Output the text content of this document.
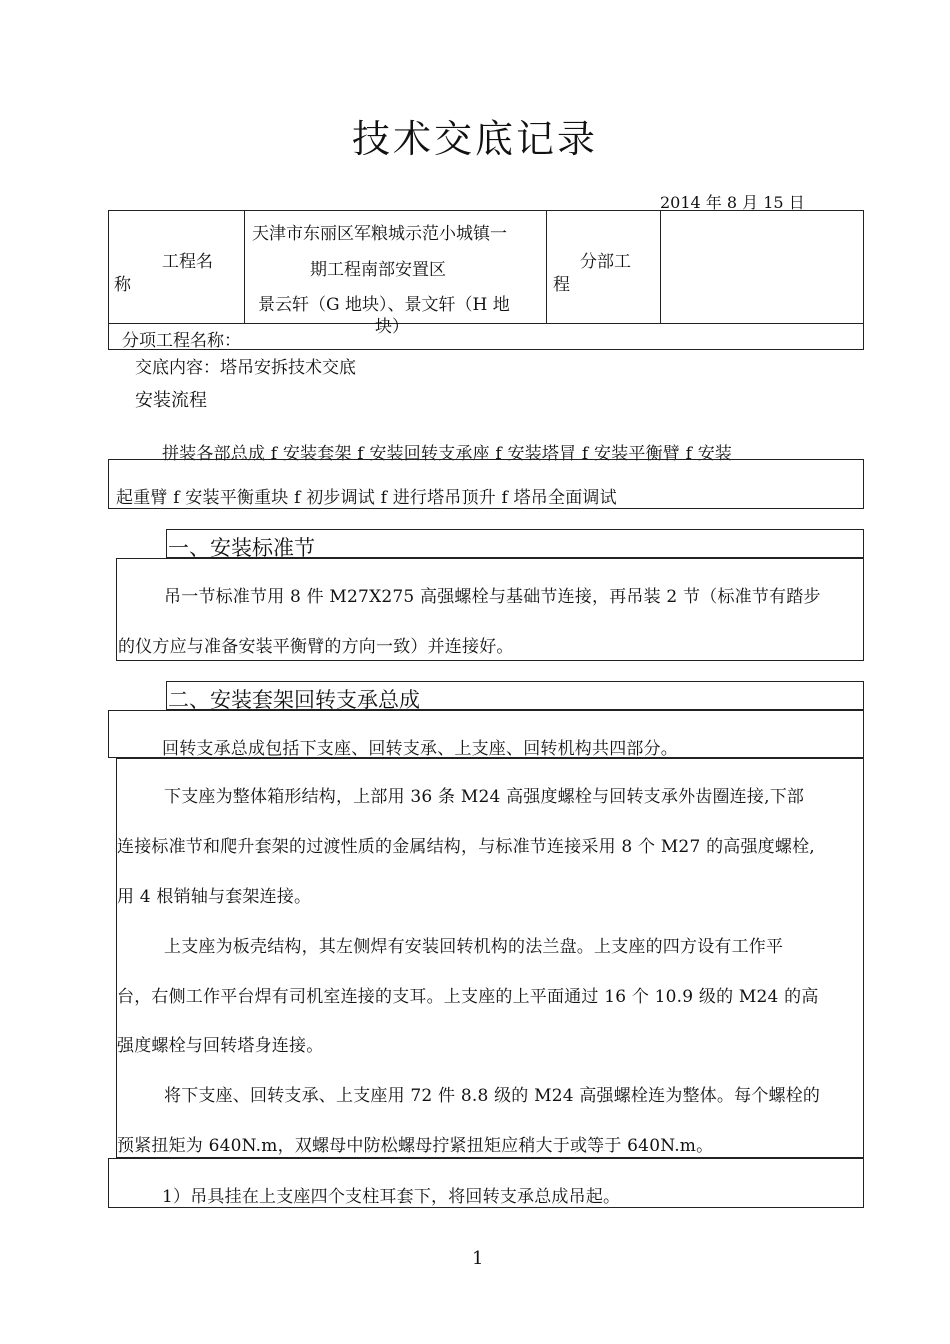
技术交底记录
2014 年 8 月 15 日
工程名
称
天津市东丽区军粮城示范小城镇一
期工程南部安置区
景云轩（G 地块）、景文轩（H 地
块）
分部工
程
分项工程名称：
交底内容：塔吊安拆技术交底
安装流程
拼装各部总成 f 安装套架 f 安装回转支承座 f 安装塔冒 f 安装平衡臂 f 安装
起重臂 f 安装平衡重块 f 初步调试 f 进行塔吊顶升 f 塔吊全面调试
一、安装标准节
吊一节标准节用 8 件 M27X275 高强螺栓与基础节连接，再吊装 2 节（标准节有踏步
的仪方应与准备安装平衡臂的方向一致）并连接好。
二、安装套架回转支承总成
回转支承总成包括下支座、回转支承、上支座、回转机构共四部分。
下支座为整体箱形结构，上部用 36 条 M24 高强度螺栓与回转支承外齿圈连接,下部
连接标准节和爬升套架的过渡性质的金属结构，与标准节连接采用 8 个 M27 的高强度螺栓,
用 4 根销轴与套架连接。
上支座为板壳结构，其左侧焊有安装回转机构的法兰盘。上支座的四方设有工作平
台，右侧工作平台焊有司机室连接的支耳。上支座的上平面通过 16 个 10.9 级的 M24 的高
强度螺栓与回转塔身连接。
将下支座、回转支承、上支座用 72 件 8.8 级的 M24 高强螺栓连为整体。每个螺栓的
预紧扭矩为 640N.m，双螺母中防松螺母拧紧扭矩应稍大于或等于 640N.m。
1）吊具挂在上支座四个支柱耳套下，将回转支承总成吊起。
1
